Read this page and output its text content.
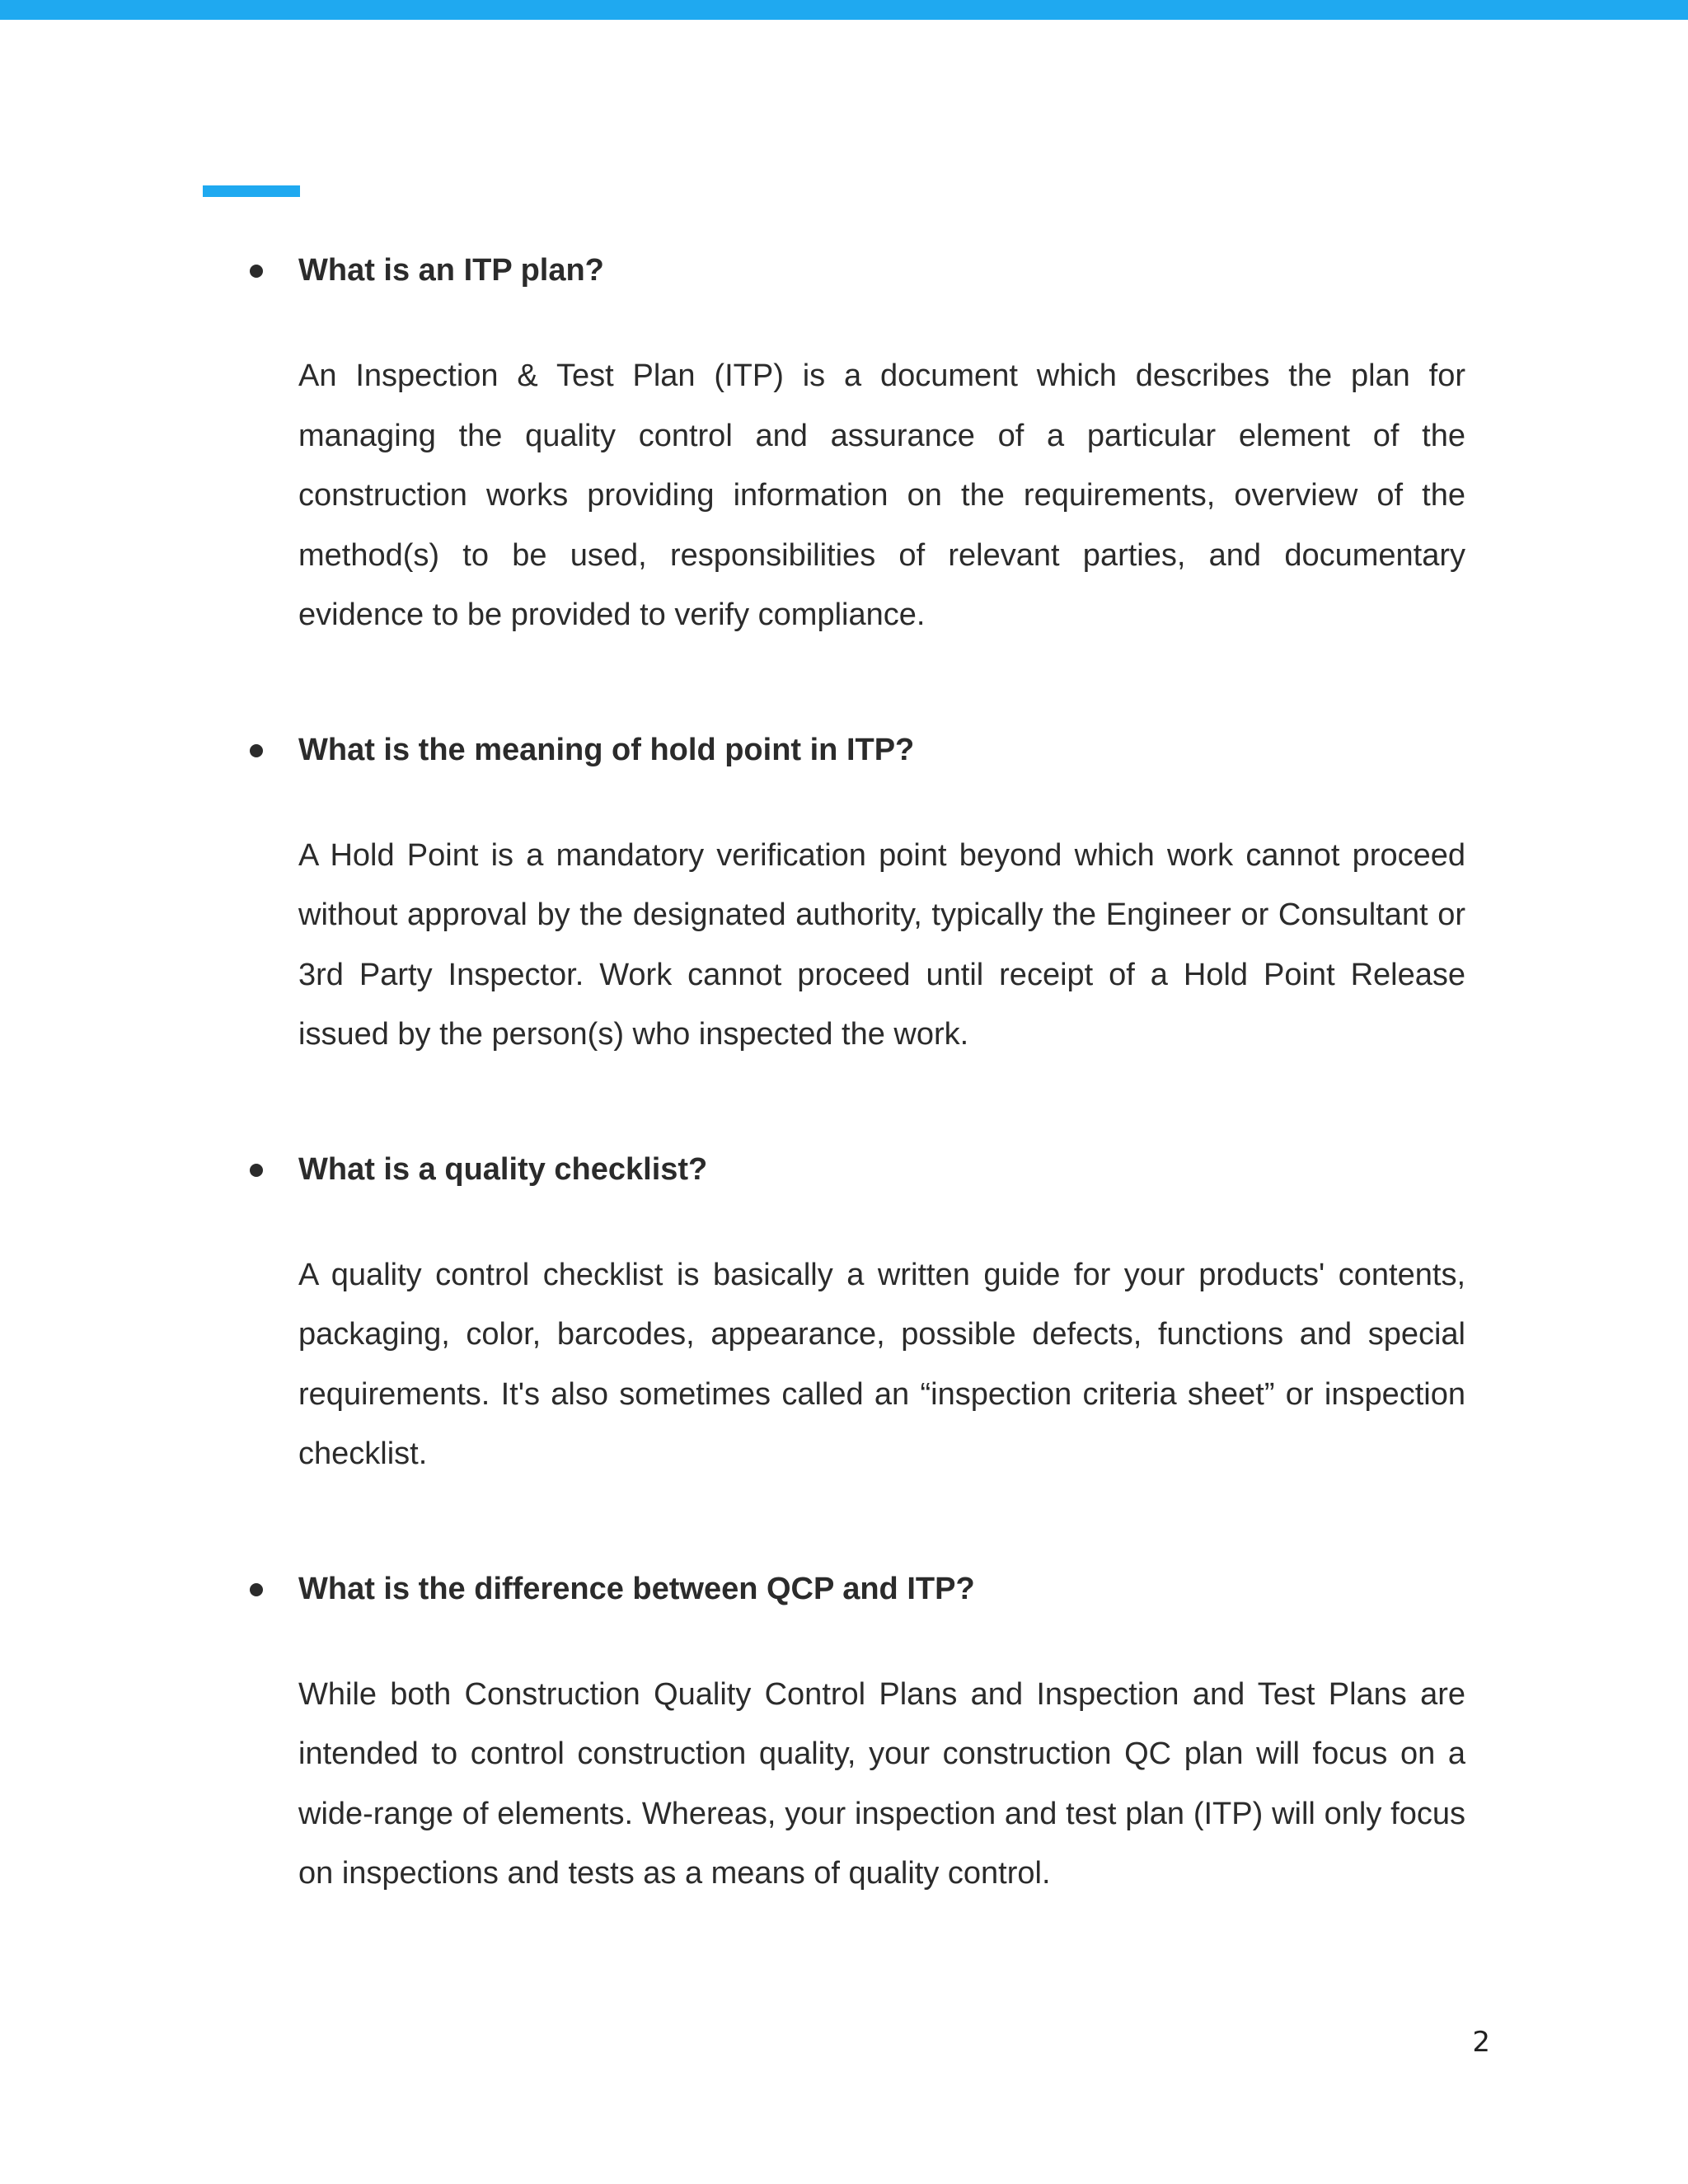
What is an ITP plan?

An Inspection & Test Plan (ITP) is a document which describes the plan for managing the quality control and assurance of a particular element of the construction works providing information on the requirements, overview of the method(s) to be used, responsibilities of relevant parties, and documentary evidence to be provided to verify compliance.

What is the meaning of hold point in ITP?

A Hold Point is a mandatory verification point beyond which work cannot proceed without approval by the designated authority, typically the Engineer or Consultant or 3rd Party Inspector. Work cannot proceed until receipt of a Hold Point Release issued by the person(s) who inspected the work.

What is a quality checklist?

A quality control checklist is basically a written guide for your products' contents, packaging, color, barcodes, appearance, possible defects, functions and special requirements. It's also sometimes called an “inspection criteria sheet” or inspection checklist.

What is the difference between QCP and ITP?

While both Construction Quality Control Plans and Inspection and Test Plans are intended to control construction quality, your construction QC plan will focus on a wide-range of elements. Whereas, your inspection and test plan (ITP) will only focus on inspections and tests as a means of quality control.

2
